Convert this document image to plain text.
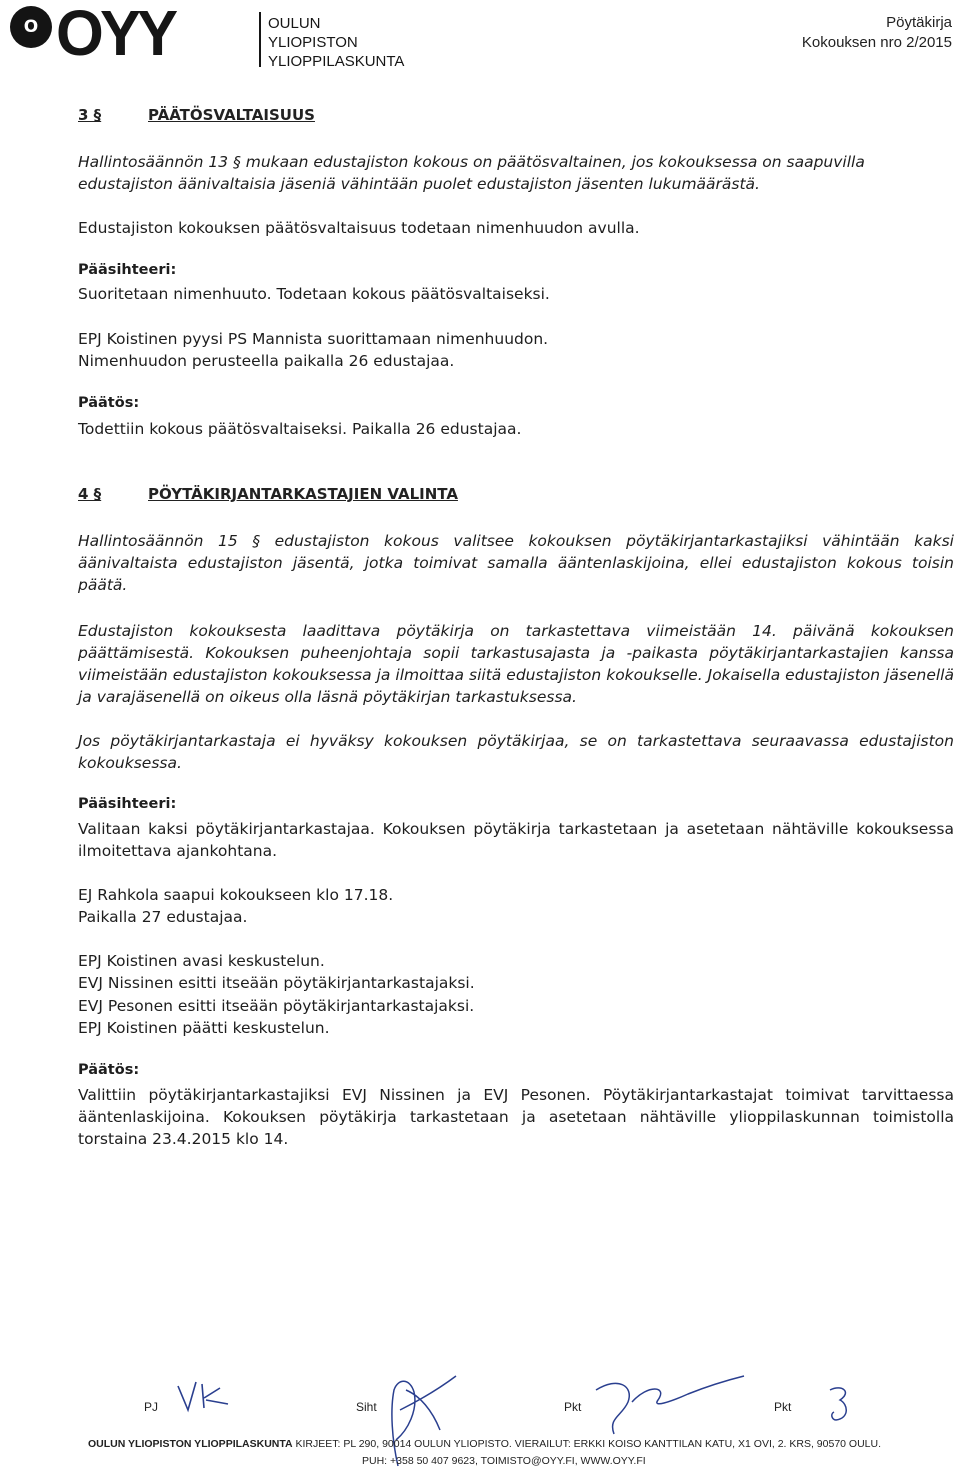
O OYY	OULUN
YLIOPISTON
YLIOPPILASKUNTA
Pöytäkirja
Kokouksen nro 2/2015
3 §	PÄÄTÖSVALTAISUUS
Hallintosäännön 13 § mukaan edustajiston kokous on päätösvaltainen, jos kokouksessa on saapuvilla edustajiston äänivaltaisia jäseniä vähintään puolet edustajiston jäsenten lukumäärästä.
Edustajiston kokouksen päätösvaltaisuus todetaan nimenhuudon avulla.
Pääsihteeri:
Suoritetaan nimenhuuto. Todetaan kokous päätösvaltaiseksi.
EPJ Koistinen pyysi PS Mannista suorittamaan nimenhuudon.
Nimenhuudon perusteella paikalla 26 edustajaa.
Päätös:
Todettiin kokous päätösvaltaiseksi. Paikalla 26 edustajaa.
4 §	PÖYTÄKIRJANTARKASTAJIEN VALINTA
Hallintosäännön 15 § edustajiston kokous valitsee kokouksen pöytäkirjantarkastajiksi vähintään kaksi äänivaltaista edustajiston jäsentä, jotka toimivat samalla ääntenlaskijoina, ellei edustajiston kokous toisin päätä.
Edustajiston kokouksesta laadittava pöytäkirja on tarkastettava viimeistään 14. päivänä kokouksen päättämisestä. Kokouksen puheenjohtaja sopii tarkastusajasta ja -paikasta pöytäkirjantarkastajien kanssa viimeistään edustajiston kokouksessa ja ilmoittaa siitä edustajiston kokoukselle. Jokaisella edustajiston jäsenellä ja varajäsenellä on oikeus olla läsnä pöytäkirjan tarkastuksessa.
Jos pöytäkirjantarkastaja ei hyväksy kokouksen pöytäkirjaa, se on tarkastettava seuraavassa edustajiston kokouksessa.
Pääsihteeri:
Valitaan kaksi pöytäkirjantarkastajaa. Kokouksen pöytäkirja tarkastetaan ja asetetaan nähtäville kokouksessa ilmoitettava ajankohtana.
EJ Rahkola saapui kokoukseen klo 17.18.
Paikalla 27 edustajaa.
EPJ Koistinen avasi keskustelun.
EVJ Nissinen esitti itseään pöytäkirjantarkastajaksi.
EVJ Pesonen esitti itseään pöytäkirjantarkastajaksi.
EPJ Koistinen päätti keskustelun.
Päätös:
Valittiin pöytäkirjantarkastajiksi EVJ Nissinen ja EVJ Pesonen. Pöytäkirjantarkastajat toimivat tarvittaessa ääntenlaskijoina. Kokouksen pöytäkirja tarkastetaan ja asetetaan nähtäville ylioppilaskunnan toimistolla torstaina 23.4.2015 klo 14.
PJ	Siht	Pkt	Pkt
OULUN YLIOPISTON YLIOPPILASKUNTA KIRJEET: PL 290, 90014 OULUN YLIOPISTO. VIERAILUT: ERKKI KOISO KANTTILAN KATU, X1 OVI, 2. KRS, 90570 OULU.
PUH: +358 50 407 9623, TOIMISTO@OYY.FI, WWW.OYY.FI
